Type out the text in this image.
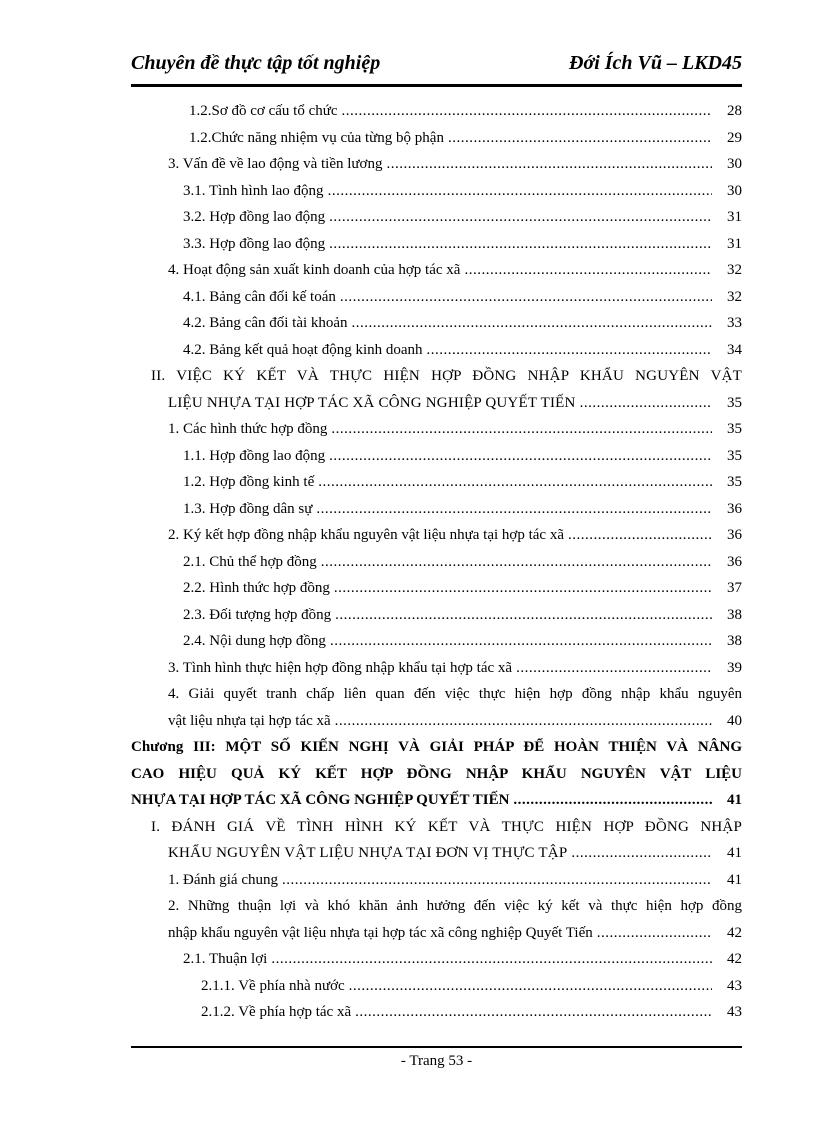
Chuyên đề thực tập tốt nghiệp	Đới Ích Vũ – LKD45
1.2.Sơ đồ cơ cấu tổ chức .....	28
1.2.Chức năng nhiệm vụ của từng bộ phận .....	29
3. Vấn đề về lao động và tiền lương .....	30
3.1. Tình hình lao động .....	30
3.2. Hợp đồng lao động .....	31
3.3. Hợp đồng lao động .....	31
4. Hoạt động sản xuất kinh doanh của hợp tác xã .....	32
4.1. Bảng cân đối kế toán .....	32
4.2. Bảng cân đối tài khoản .....	33
4.2. Bảng kết quả hoạt động kinh doanh .....	34
II. VIỆC KÝ KẾT VÀ THỰC HIỆN HỢP ĐỒNG NHẬP KHẨU NGUYÊN VẬT
LIỆU NHỰA TẠI HỢP TÁC XÃ CÔNG NGHIỆP QUYẾT TIẾN .....	35
1. Các hình thức hợp đồng .....	35
1.1. Hợp đồng lao động .....	35
1.2. Hợp đồng kinh tế .....	35
1.3. Hợp đồng dân sự .....	36
2. Ký kết hợp đồng nhập khẩu nguyên vật liệu nhựa tại hợp tác xã .....	36
2.1. Chủ thể hợp đồng .....	36
2.2. Hình thức hợp đồng .....	37
2.3. Đối tượng hợp đồng .....	38
2.4. Nội dung hợp đồng .....	38
3. Tình hình thực hiện hợp đồng nhập khẩu tại hợp tác xã .....	39
4. Giải quyết tranh chấp liên quan đến việc thực hiện hợp đồng nhập khẩu nguyên
vật liệu nhựa tại hợp tác xã .....	40
Chương III: MỘT SỐ KIẾN NGHỊ VÀ GIẢI PHÁP ĐỂ HOÀN THIỆN VÀ NÂNG
CAO HIỆU QUẢ KÝ KẾT HỢP ĐỒNG NHẬP KHẨU NGUYÊN VẬT LIỆU
NHỰA TẠI HỢP TÁC XÃ CÔNG NGHIỆP QUYẾT TIẾN .....	41
I. ĐÁNH GIÁ VỀ TÌNH HÌNH KÝ KẾT VÀ THỰC HIỆN HỢP ĐỒNG NHẬP
KHẨU NGUYÊN VẬT LIỆU NHỰA TẠI ĐƠN VỊ THỰC TẬP .....	41
1. Đánh giá chung .....	41
2. Những thuận lợi và khó khăn ảnh hưởng đến việc ký kết và thực hiện hợp đồng
nhập khẩu nguyên vật liệu nhựa tại hợp tác xã công nghiệp Quyết Tiến .....	42
2.1. Thuận lợi .....	42
2.1.1. Về phía nhà nước .....	43
2.1.2. Về phía hợp tác xã .....	43
- Trang 53 -
